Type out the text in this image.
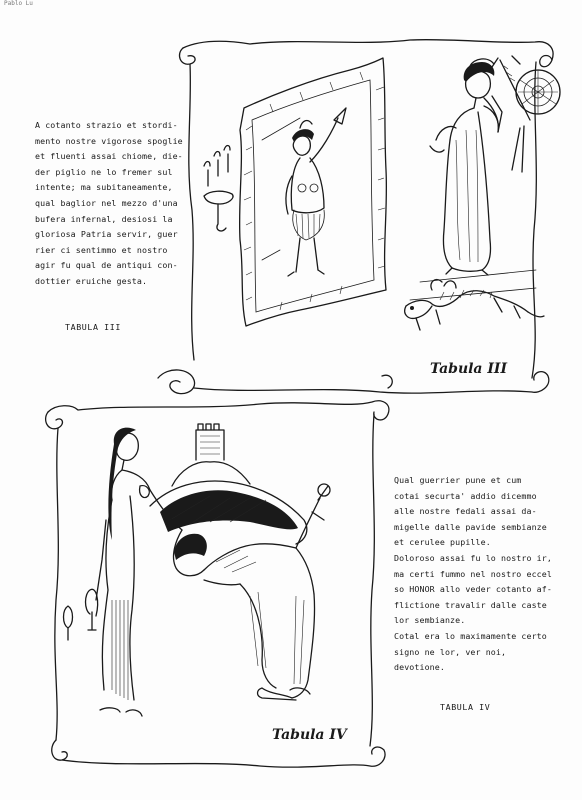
Pablo Lu
A cotanto strazio et stordi-
mento nostre vigorose spoglie
et fluenti assai chiome, die-
der piglio ne lo fremer sul
intente; ma subitaneamente,
qual baglior nel mezzo d'una
bufera infernal, desiosi la
gloriosa Patria servir, guer
rier ci sentimmo et nostro
agir fu qual de antiqui con-
dottier eruiche gesta.
TABULA III
Qual guerrier pune et cum
cotai securta' addio dicemmo
alle nostre fedali assai da-
migelle dalle pavide sembianze
et cerulee pupille.
Doloroso assai fu lo nostro ir,
ma certi fummo nel nostro eccel
so HONOR allo veder cotanto af-
flictione travalir dalle caste
lor sembianze.
Cotal era lo maximamente certo
signo ne lor, ver noi, devotione.
TABULA IV
Tabula III
Tabula IV
